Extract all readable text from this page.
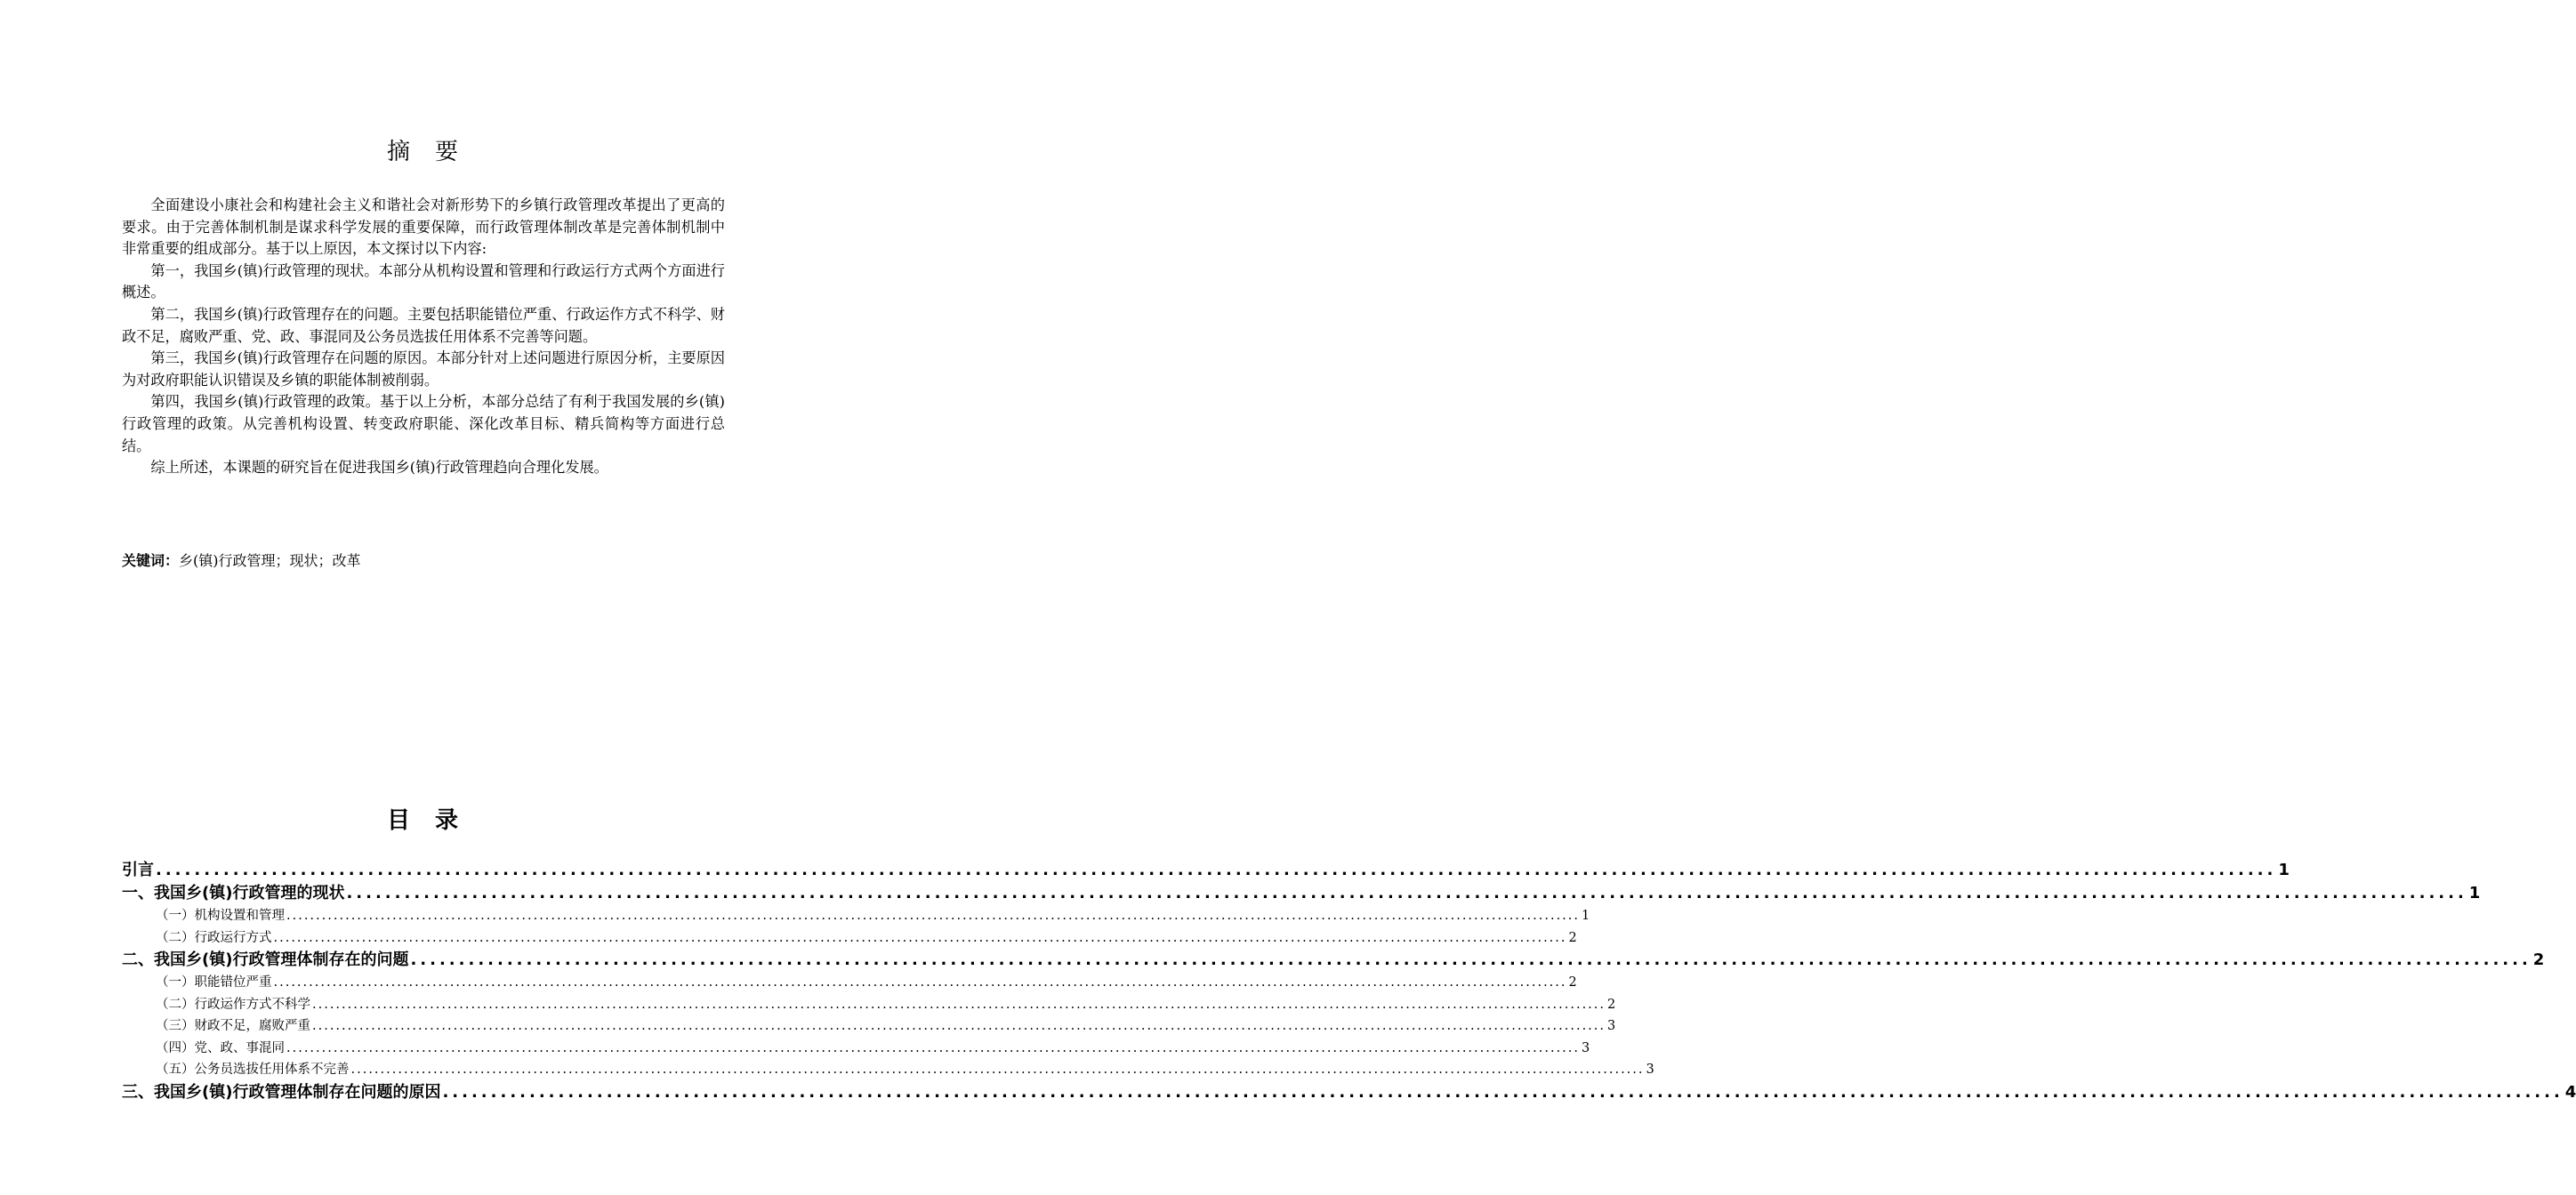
摘要

全面建设小康社会和构建社会主义和谐社会对新形势下的乡镇行政管理改革提出了更高的要求。由于完善体制机制是谋求科学发展的重要保障，而行政管理体制改革是完善体制机制中非常重要的组成部分。基于以上原因，本文探讨以下内容:

第一，我国乡(镇)行政管理的现状。本部分从机构设置和管理和行政运行方式两个方面进行概述。

第二，我国乡(镇)行政管理存在的问题。主要包括职能错位严重、行政运作方式不科学、财政不足，腐败严重、党、政、事混同及公务员选拔任用体系不完善等问题。

第三，我国乡(镇)行政管理存在问题的原因。本部分针对上述问题进行原因分析，主要原因为对政府职能认识错误及乡镇的职能体制被削弱。

第四，我国乡(镇)行政管理的政策。基于以上分析，本部分总结了有利于我国发展的乡(镇)行政管理的政策。从完善机构设置、转变政府职能、深化改革目标、精兵简构等方面进行总结。

综上所述，本课题的研究旨在促进我国乡(镇)行政管理趋向合理化发展。

关键词：乡(镇)行政管理；现状；改革
目录
引言 ............................................................................................................................................................................................................................ 1
一、我国乡(镇)行政管理的现状 ............................................................................................................................................................................................................................ 1
（一）机构设置和管理 ............................................................................................................................................................................................................................ 1
（二）行政运行方式 ............................................................................................................................................................................................................................ 2
二、我国乡(镇)行政管理体制存在的问题 ............................................................................................................................................................................................................................ 2
（一）职能错位严重 ............................................................................................................................................................................................................................ 2
（二）行政运作方式不科学 ............................................................................................................................................................................................................................ 2
（三）财政不足，腐败严重 ............................................................................................................................................................................................................................ 3
（四）党、政、事混同 ............................................................................................................................................................................................................................ 3
（五）公务员选拔任用体系不完善 ............................................................................................................................................................................................................................ 3
三、我国乡(镇)行政管理体制存在问题的原因 ............................................................................................................................................................................................................................ 4
